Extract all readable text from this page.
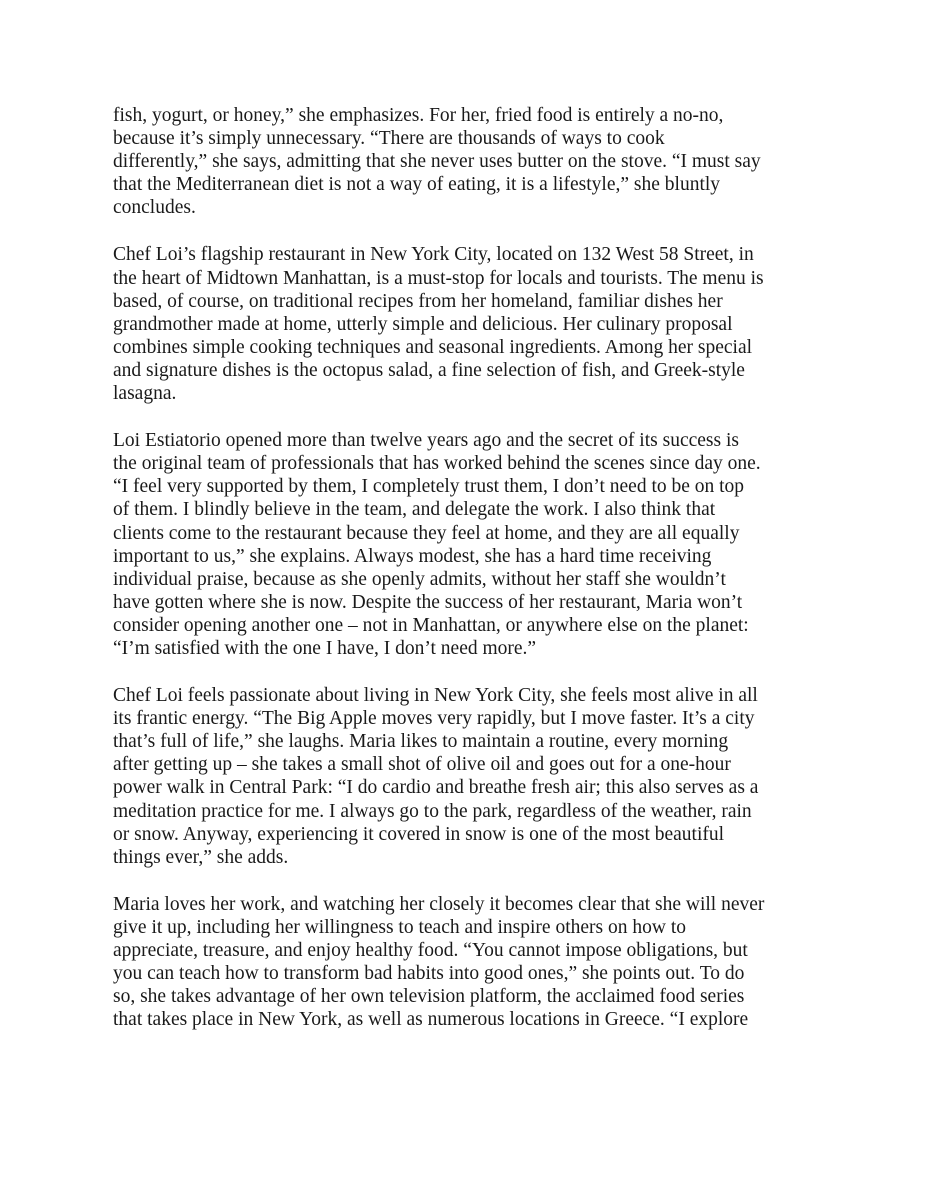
fish, yogurt, or honey,” she emphasizes. For her, fried food is entirely a no-no,
because it’s simply unnecessary. “There are thousands of ways to cook
differently,” she says, admitting that she never uses butter on the stove. “I must say
that the Mediterranean diet is not a way of eating, it is a lifestyle,” she bluntly
concludes.

Chef Loi’s flagship restaurant in New York City, located on 132 West 58 Street, in
the heart of Midtown Manhattan, is a must-stop for locals and tourists. The menu is
based, of course, on traditional recipes from her homeland, familiar dishes her
grandmother made at home, utterly simple and delicious. Her culinary proposal
combines simple cooking techniques and seasonal ingredients. Among her special
and signature dishes is the octopus salad, a fine selection of fish, and Greek-style
lasagna.

Loi Estiatorio opened more than twelve years ago and the secret of its success is
the original team of professionals that has worked behind the scenes since day one.
“I feel very supported by them, I completely trust them, I don’t need to be on top
of them. I blindly believe in the team, and delegate the work. I also think that
clients come to the restaurant because they feel at home, and they are all equally
important to us,” she explains. Always modest, she has a hard time receiving
individual praise, because as she openly admits, without her staff she wouldn’t
have gotten where she is now. Despite the success of her restaurant, Maria won’t
consider opening another one – not in Manhattan, or anywhere else on the planet:
“I’m satisfied with the one I have, I don’t need more.”

Chef Loi feels passionate about living in New York City, she feels most alive in all
its frantic energy. “The Big Apple moves very rapidly, but I move faster. It’s a city
that’s full of life,” she laughs. Maria likes to maintain a routine, every morning
after getting up – she takes a small shot of olive oil and goes out for a one-hour
power walk in Central Park: “I do cardio and breathe fresh air; this also serves as a
meditation practice for me. I always go to the park, regardless of the weather, rain
or snow. Anyway, experiencing it covered in snow is one of the most beautiful
things ever,” she adds.

Maria loves her work, and watching her closely it becomes clear that she will never
give it up, including her willingness to teach and inspire others on how to
appreciate, treasure, and enjoy healthy food. “You cannot impose obligations, but
you can teach how to transform bad habits into good ones,” she points out. To do
so, she takes advantage of her own television platform, the acclaimed food series
that takes place in New York, as well as numerous locations in Greece. “I explore
